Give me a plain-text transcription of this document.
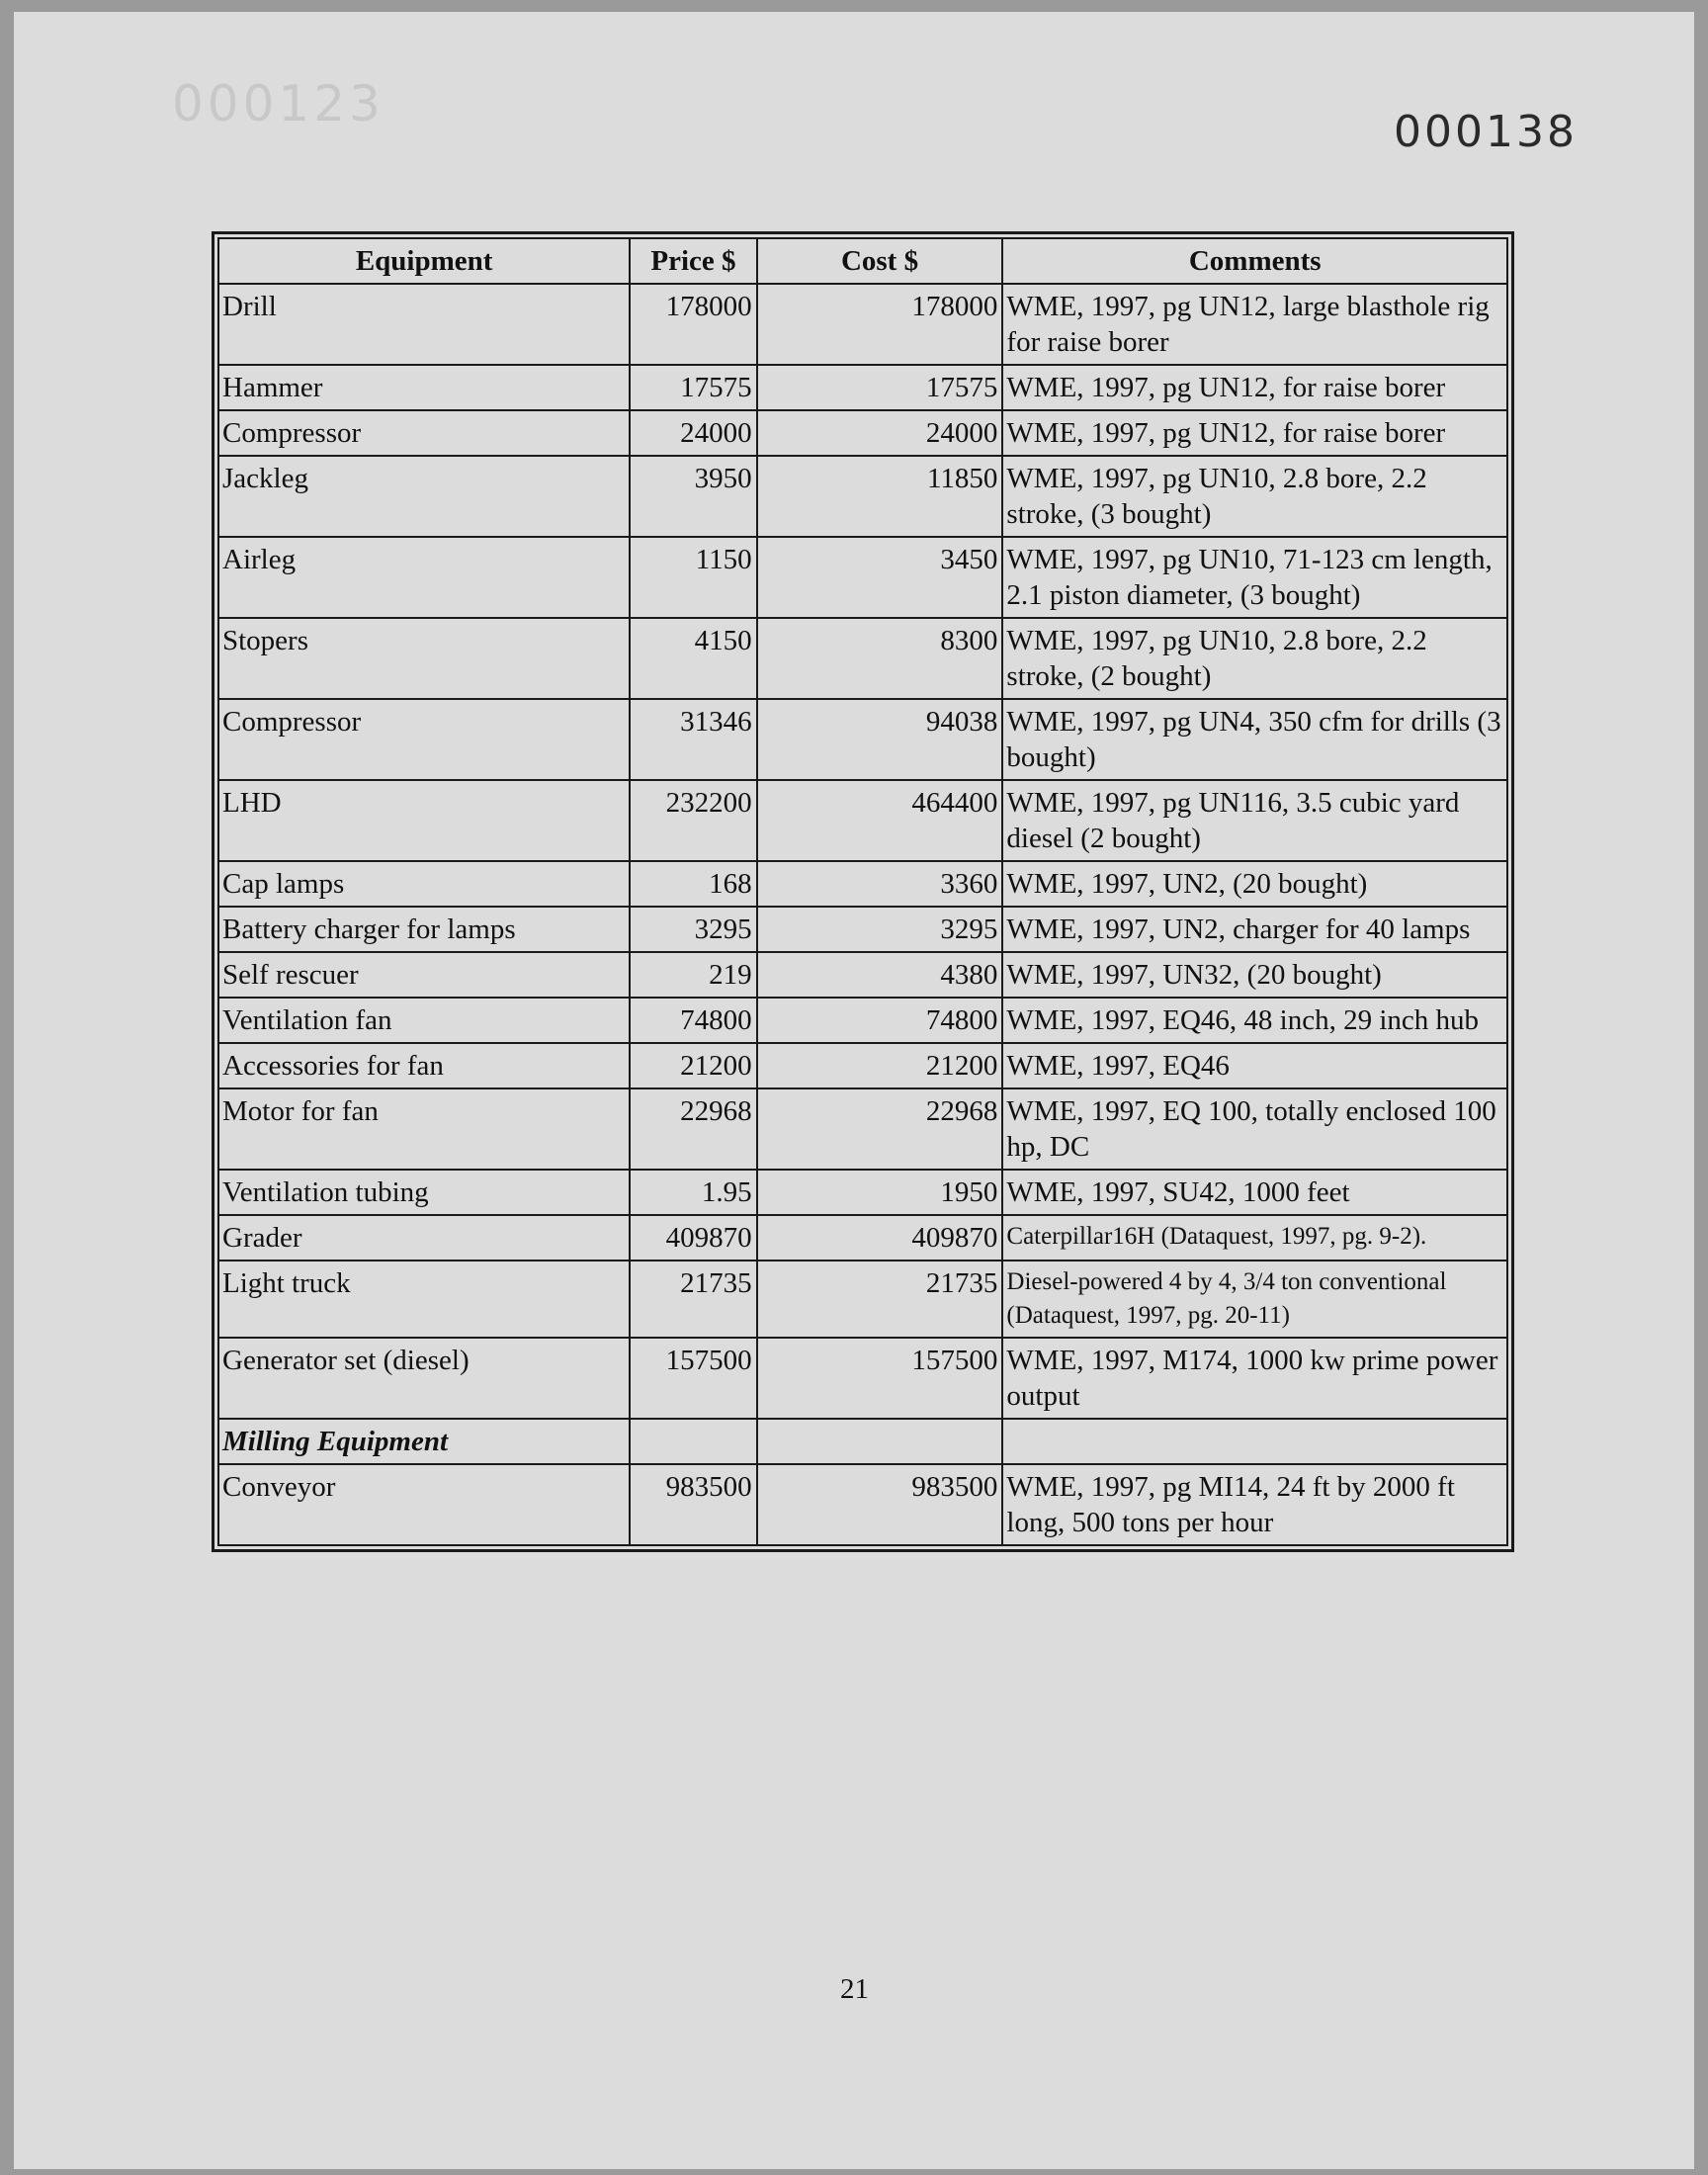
000123	000138
Equipment	Price $	Cost $	Comments
Drill	178000	178000	WME, 1997, pg UN12, large blasthole rig for raise borer
Hammer	17575	17575	WME, 1997, pg UN12, for raise borer
Compressor	24000	24000	WME, 1997, pg UN12, for raise borer
Jackleg	3950	11850	WME, 1997, pg UN10, 2.8 bore, 2.2 stroke, (3 bought)
Airleg	1150	3450	WME, 1997, pg UN10, 71-123 cm length, 2.1 piston diameter, (3 bought)
Stopers	4150	8300	WME, 1997, pg UN10, 2.8 bore, 2.2 stroke, (2 bought)
Compressor	31346	94038	WME, 1997, pg UN4, 350 cfm for drills (3 bought)
LHD	232200	464400	WME, 1997, pg UN116, 3.5 cubic yard diesel (2 bought)
Cap lamps	168	3360	WME, 1997, UN2, (20 bought)
Battery charger for lamps	3295	3295	WME, 1997, UN2, charger for 40 lamps
Self rescuer	219	4380	WME, 1997, UN32, (20 bought)
Ventilation fan	74800	74800	WME, 1997, EQ46, 48 inch, 29 inch hub
Accessories for fan	21200	21200	WME, 1997, EQ46
Motor for fan	22968	22968	WME, 1997, EQ 100, totally enclosed 100 hp, DC
Ventilation tubing	1.95	1950	WME, 1997, SU42, 1000 feet
Grader	409870	409870	Caterpillar16H (Dataquest, 1997, pg. 9-2).
Light truck	21735	21735	Diesel-powered 4 by 4, 3/4 ton conventional (Dataquest, 1997, pg. 20-11)
Generator set (diesel)	157500	157500	WME, 1997, M174, 1000 kw prime power output
Milling Equipment			
Conveyor	983500	983500	WME, 1997, pg MI14, 24 ft by 2000 ft long, 500 tons per hour
21
